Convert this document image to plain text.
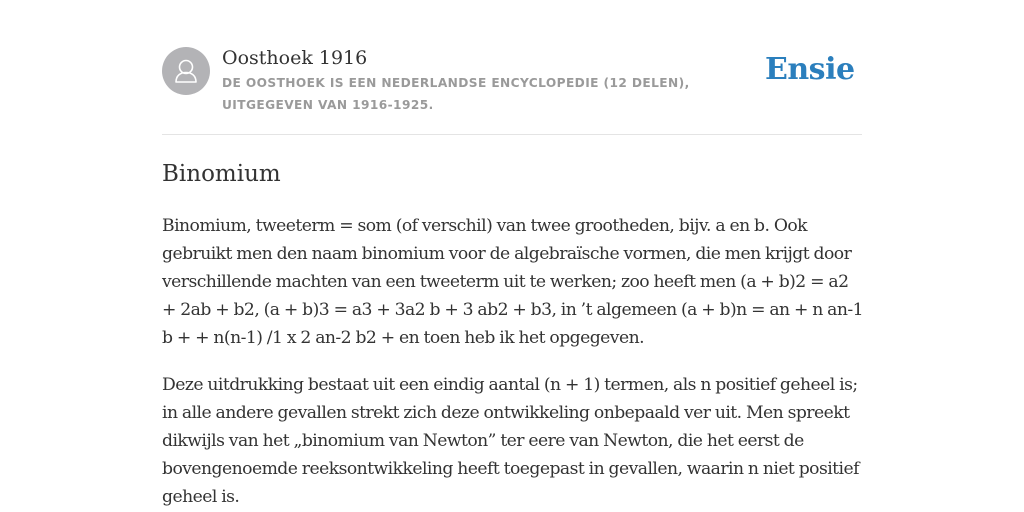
Oosthoek 1916
DE OOSTHOEK IS EEN NEDERLANDSE ENCYCLOPEDIE (12 DELEN), UITGEGEVEN VAN 1916-1925.
Ensie
Binomium

Binomium, tweeterm = som (of verschil) van twee grootheden, bijv. a en b. Ook gebruikt men den naam binomium voor de algebraïsche vormen, die men krijgt door verschillende machten van een tweeterm uit te werken; zoo heeft men (a + b)2 = a2 + 2ab + b2, (a + b)3 = a3 + 3a2 b + 3 ab2 + b3, in ’t algemeen (a + b)n = an + n an-1 b + + n(n-1) /1 x 2 an-2 b2 + en toen heb ik het opgegeven.

Deze uitdrukking bestaat uit een eindig aantal (n + 1) termen, als n positief geheel is; in alle andere gevallen strekt zich deze ontwikkeling onbepaald ver uit. Men spreekt dikwijls van het „binomium van Newton” ter eere van Newton, die het eerst de bovengenoemde reeksontwikkeling heeft toegepast in gevallen, waarin n niet positief geheel is.
